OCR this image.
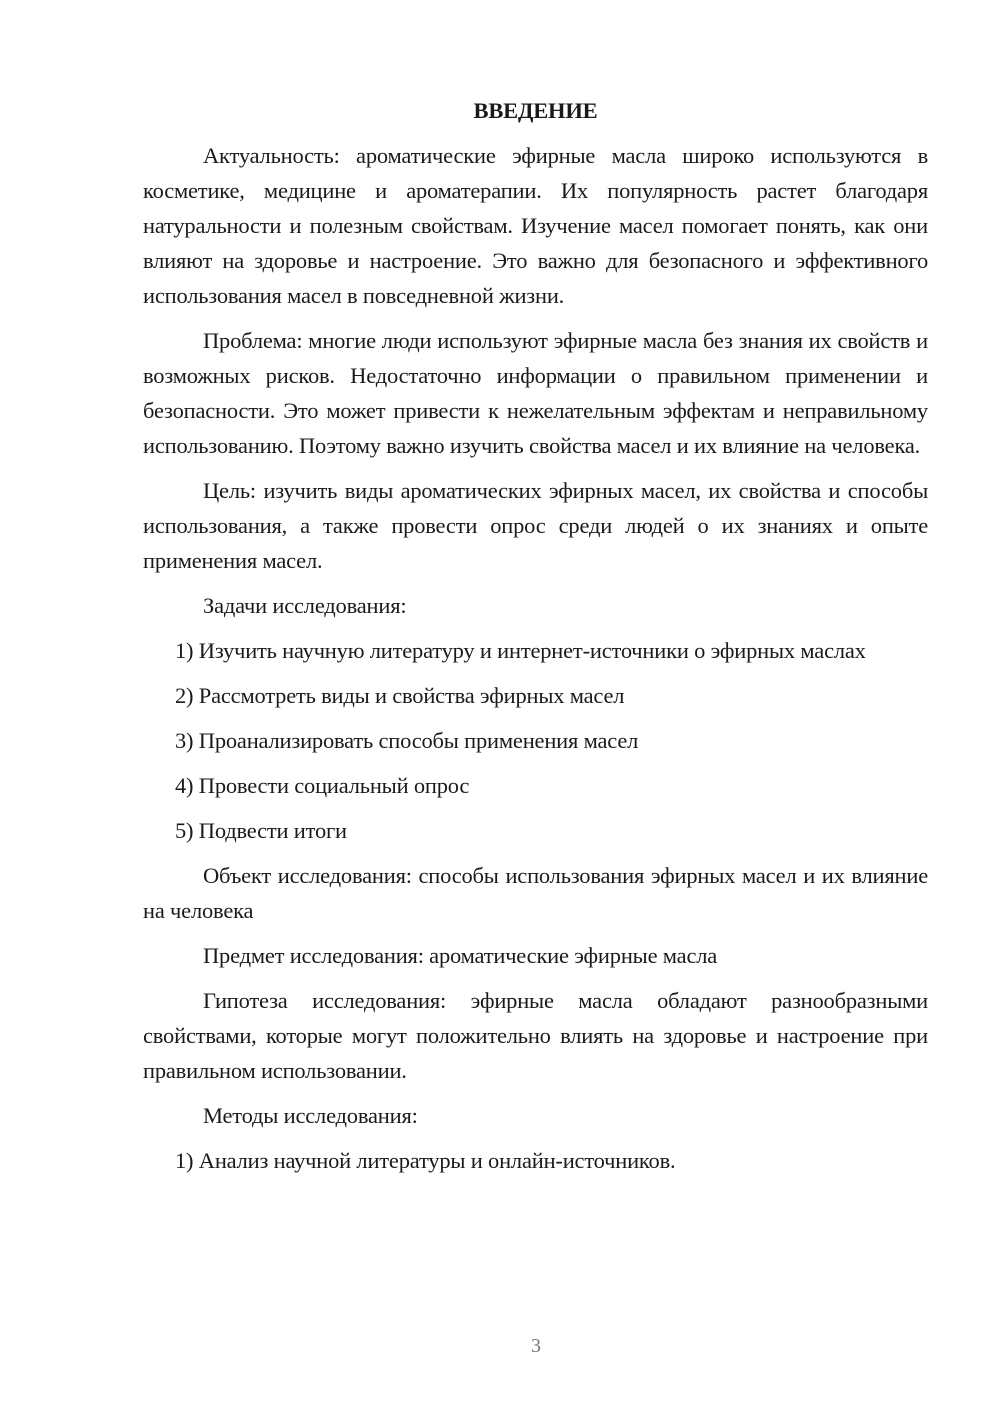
ВВЕДЕНИЕ

Актуальность: ароматические эфирные масла широко используются в косметике, медицине и ароматерапии. Их популярность растет благодаря натуральности и полезным свойствам. Изучение масел помогает понять, как они влияют на здоровье и настроение. Это важно для безопасного и эффективного использования масел в повседневной жизни.

Проблема: многие люди используют эфирные масла без знания их свойств и возможных рисков. Недостаточно информации о правильном применении и безопасности. Это может привести к нежелательным эффектам и неправильному использованию. Поэтому важно изучить свойства масел и их влияние на человека.

Цель: изучить виды ароматических эфирных масел, их свойства и способы использования, а также провести опрос среди людей о их знаниях и опыте применения масел.

Задачи исследования:

1) Изучить научную литературу и интернет-источники о эфирных маслах

2) Рассмотреть виды и свойства эфирных масел

3) Проанализировать способы применения масел

4) Провести социальный опрос

5) Подвести итоги

Объект исследования: способы использования эфирных масел и их влияние на человека

Предмет исследования: ароматические эфирные масла

Гипотеза исследования: эфирные масла обладают разнообразными свойствами, которые могут положительно влиять на здоровье и настроение при правильном использовании.

Методы исследования:

1) Анализ научной литературы и онлайн-источников.

3
